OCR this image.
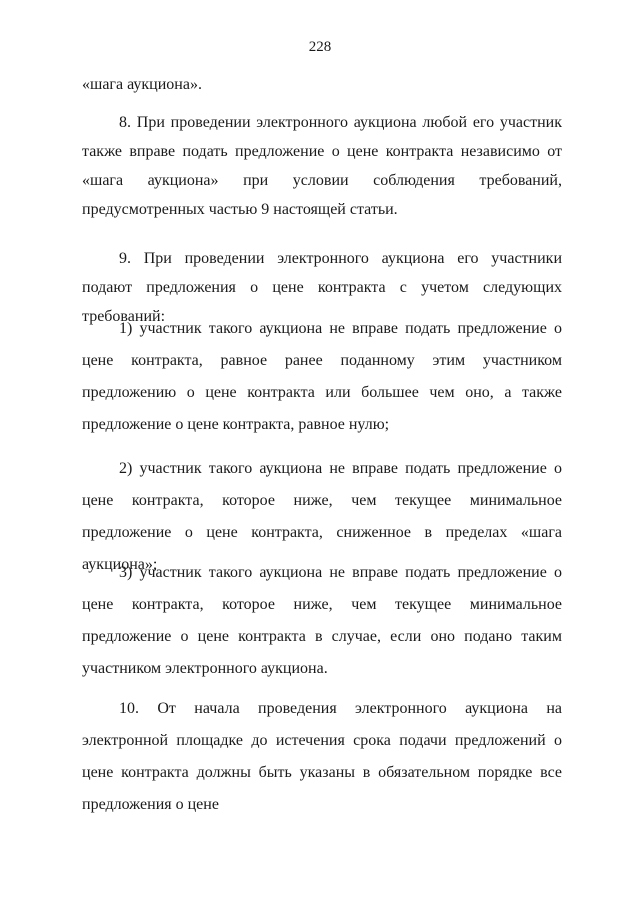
228

«шага аукциона».

8. При проведении электронного аукциона любой его участник также вправе подать предложение о цене контракта независимо от «шага аукциона» при условии соблюдения требований, предусмотренных частью 9 настоящей статьи.

9. При проведении электронного аукциона его участники подают предложения о цене контракта с учетом следующих требований:

1) участник такого аукциона не вправе подать предложение о цене контракта, равное ранее поданному этим участником предложению о цене контракта или большее чем оно, а также предложение о цене контракта, равное нулю;

2) участник такого аукциона не вправе подать предложение о цене контракта, которое ниже, чем текущее минимальное предложение о цене контракта, сниженное в пределах «шага аукциона»;

3) участник такого аукциона не вправе подать предложение о цене контракта, которое ниже, чем текущее минимальное предложение о цене контракта в случае, если оно подано таким участником электронного аукциона.

10. От начала проведения электронного аукциона на электронной площадке до истечения срока подачи предложений о цене контракта должны быть указаны в обязательном порядке все предложения о цене
